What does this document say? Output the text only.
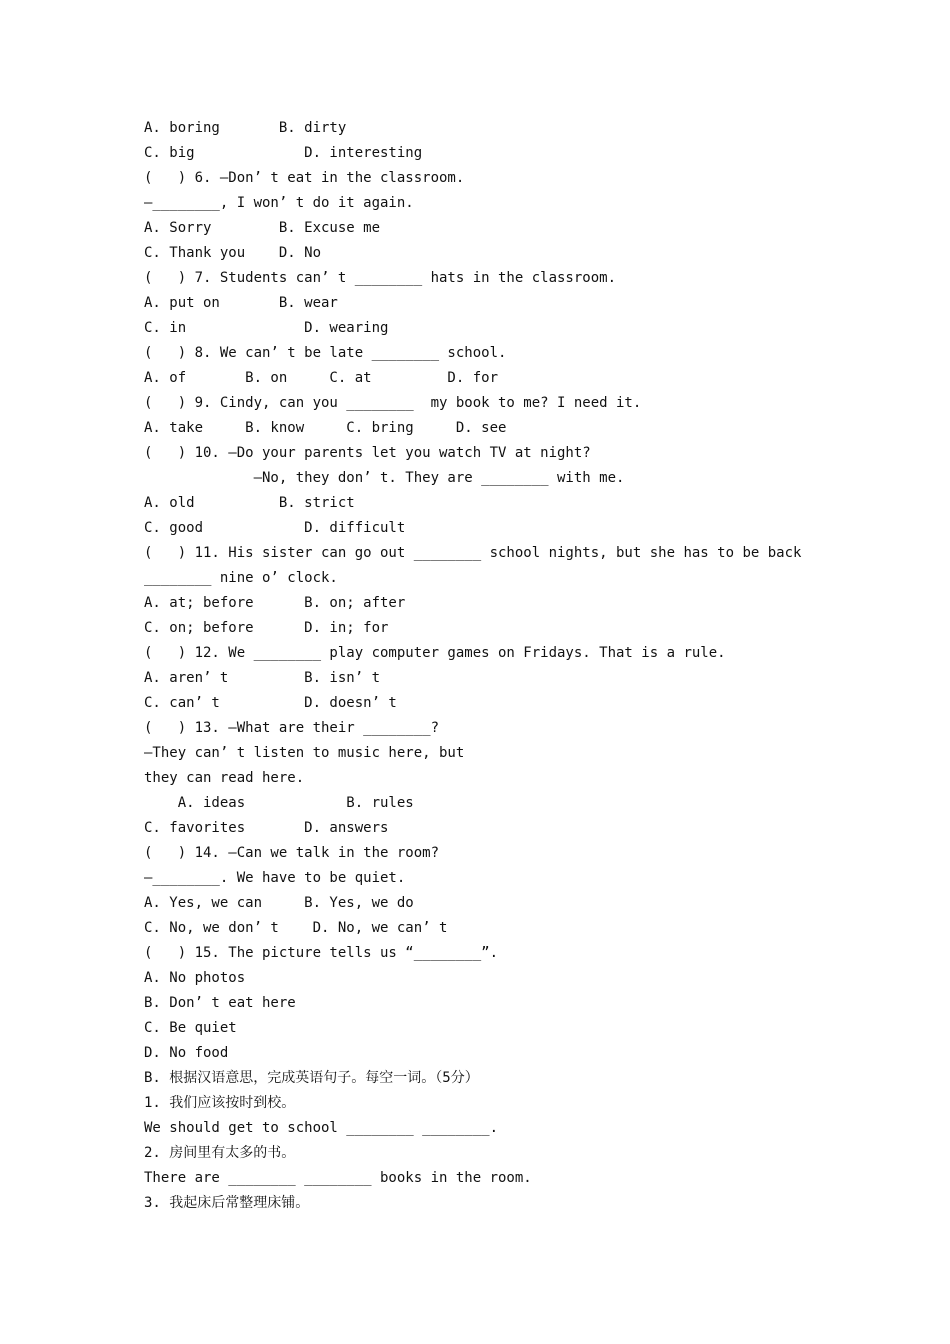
A. boring       B. dirty
C. big             D. interesting
(   ) 6. —Don’ t eat in the classroom.
—________, I won’ t do it again.
A. Sorry        B. Excuse me
C. Thank you    D. No
(   ) 7. Students can’ t ________ hats in the classroom.
A. put on       B. wear
C. in              D. wearing
(   ) 8. We can’ t be late ________ school.
A. of       B. on     C. at         D. for
(   ) 9. Cindy, can you ________  my book to me? I need it.
A. take     B. know     C. bring     D. see
(   ) 10. —Do your parents let you watch TV at night?
—No, they don’ t. They are ________ with me.
A. old          B. strict
C. good            D. difficult
(   ) 11. His sister can go out ________ school nights, but she has to be back
________ nine o’ clock.
A. at; before      B. on; after
C. on; before      D. in; for
(   ) 12. We ________ play computer games on Fridays. That is a rule.
A. aren’ t         B. isn’ t
C. can’ t          D. doesn’ t
(   ) 13. —What are their ________?
—They can’ t listen to music here, but
they can read here.
A. ideas            B. rules
C. favorites       D. answers
(   ) 14. —Can we talk in the room?
—________. We have to be quiet.
A. Yes, we can     B. Yes, we do
C. No, we don’ t    D. No, we can’ t
(   ) 15. The picture tells us “________”.
A. No photos
B. Don’ t eat here
C. Be quiet
D. No food
B. 根据汉语意思，完成英语句子。每空一词。（5分）
1. 我们应该按时到校。
We should get to school ________ ________.
2. 房间里有太多的书。
There are ________ ________ books in the room.
3. 我起床后常整理床铺。
